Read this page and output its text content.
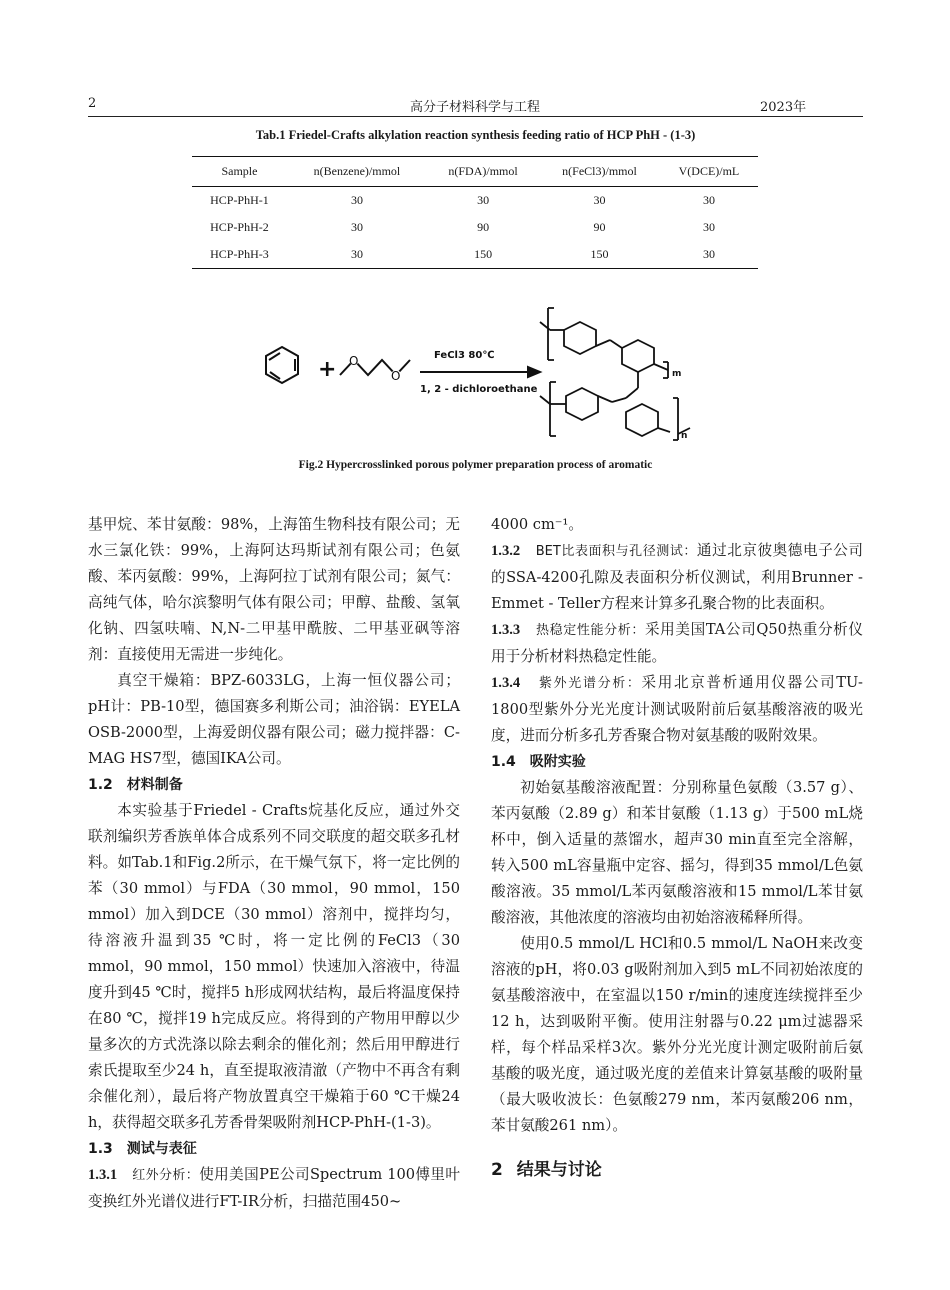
2	高分子材料科学与工程	2023年
Tab.1 Friedel-Crafts alkylation reaction synthesis feeding ratio of HCP PhH - (1-3)
Sample	n(Benzene)/mmol	n(FDA)/mmol	n(FeCl3)/mmol	V(DCE)/mL
HCP-PhH-1	30	30	30	30
HCP-PhH-2	30	90	90	30
HCP-PhH-3	30	150	150	30
+ O
O
FeCl3 80℃
1, 2 - dichloroethane
m
n
Fig.2 Hypercrosslinked porous polymer preparation process of aromatic

基甲烷、苯甘氨酸：98%，上海笛生物科技有限公司；无水三氯化铁：99%，上海阿达玛斯试剂有限公司；色氨酸、苯丙氨酸：99%，上海阿拉丁试剂有限公司；氮气：高纯气体，哈尔滨黎明气体有限公司；甲醇、盐酸、氢氧化钠、四氢呋喃、N,N-二甲基甲酰胺、二甲基亚砜等溶剂：直接使用无需进一步纯化。

真空干燥箱：BPZ-6033LG，上海一恒仪器公司；pH计：PB-10型，德国赛多利斯公司；油浴锅：EYELA OSB-2000型，上海爱朗仪器有限公司；磁力搅拌器：C-MAG HS7型，德国IKA公司。

1.2 材料制备

本实验基于Friedel - Crafts烷基化反应，通过外交联剂编织芳香族单体合成系列不同交联度的超交联多孔材料。如Tab.1和Fig.2所示，在干燥气氛下，将一定比例的苯（30 mmol）与FDA（30 mmol，90 mmol，150 mmol）加入到DCE（30 mmol）溶剂中，搅拌均匀，待溶液升温到35 ℃时，将一定比例的FeCl3（30 mmol，90 mmol，150 mmol）快速加入溶液中，待温度升到45 ℃时，搅拌5 h形成网状结构，最后将温度保持在80 ℃，搅拌19 h完成反应。将得到的产物用甲醇以少量多次的方式洗涤以除去剩余的催化剂；然后用甲醇进行索氏提取至少24 h，直至提取液清澈（产物中不再含有剩余催化剂），最后将产物放置真空干燥箱于60 ℃干燥24 h，获得超交联多孔芳香骨架吸附剂HCP-PhH-(1-3)。

1.3 测试与表征

1.3.1 红外分析：使用美国PE公司Spectrum 100傅里叶变换红外光谱仪进行FT-IR分析，扫描范围450~

4000 cm⁻¹。

1.3.2 BET比表面积与孔径测试：通过北京彼奥德电子公司的SSA-4200孔隙及表面积分析仪测试，利用Brunner - Emmet - Teller方程来计算多孔聚合物的比表面积。

1.3.3 热稳定性能分析：采用美国TA公司Q50热重分析仪用于分析材料热稳定性能。

1.3.4 紫外光谱分析：采用北京普析通用仪器公司TU-1800型紫外分光光度计测试吸附前后氨基酸溶液的吸光度，进而分析多孔芳香聚合物对氨基酸的吸附效果。

1.4 吸附实验

初始氨基酸溶液配置：分别称量色氨酸（3.57 g）、苯丙氨酸（2.89 g）和苯甘氨酸（1.13 g）于500 mL烧杯中，倒入适量的蒸馏水，超声30 min直至完全溶解，转入500 mL容量瓶中定容、摇匀，得到35 mmol/L色氨酸溶液。35 mmol/L苯丙氨酸溶液和15 mmol/L苯甘氨酸溶液，其他浓度的溶液均由初始溶液稀释所得。

使用0.5 mmol/L HCl和0.5 mmol/L NaOH来改变溶液的pH，将0.03 g吸附剂加入到5 mL不同初始浓度的氨基酸溶液中，在室温以150 r/min的速度连续搅拌至少12 h，达到吸附平衡。使用注射器与0.22 μm过滤器采样，每个样品采样3次。紫外分光光度计测定吸附前后氨基酸的吸光度，通过吸光度的差值来计算氨基酸的吸附量（最大吸收波长：色氨酸279 nm，苯丙氨酸206 nm，苯甘氨酸261 nm）。

2 结果与讨论
